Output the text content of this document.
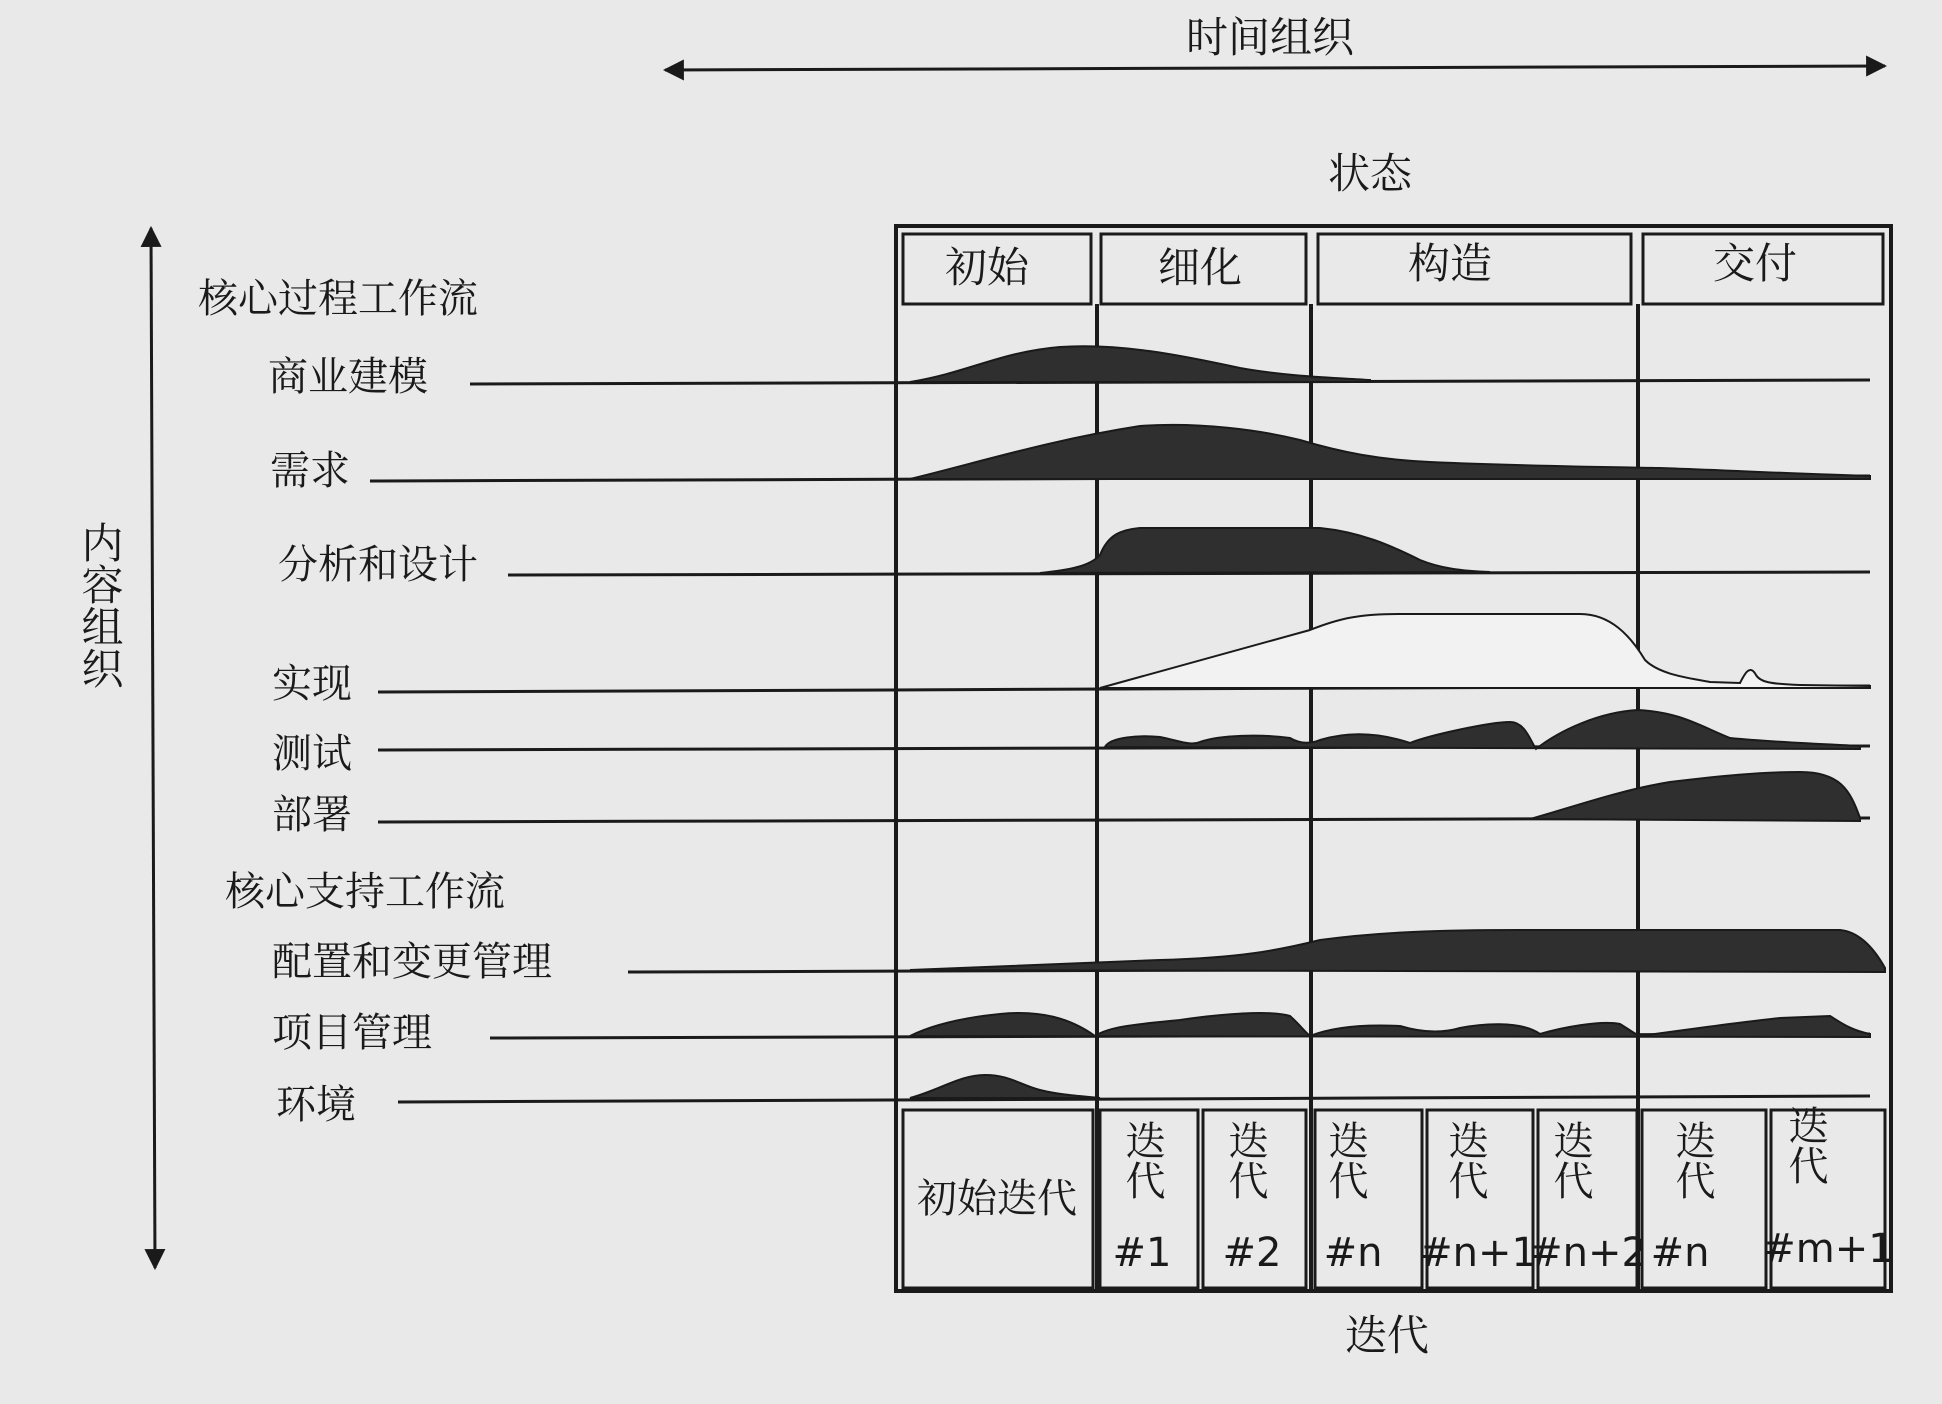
时间组织
状态
内容组织
核心过程工作流
核心支持工作流
初始	细化	构造	交付
商业建模
需求
分析和设计
实现
测试
部署
配置和变更管理
项目管理
环境
初始迭代 迭代
#1
迭代
#2
迭代
#n
迭代
#n+1
迭代
#n+2
迭代
#n
迭代
#m+1
迭代
